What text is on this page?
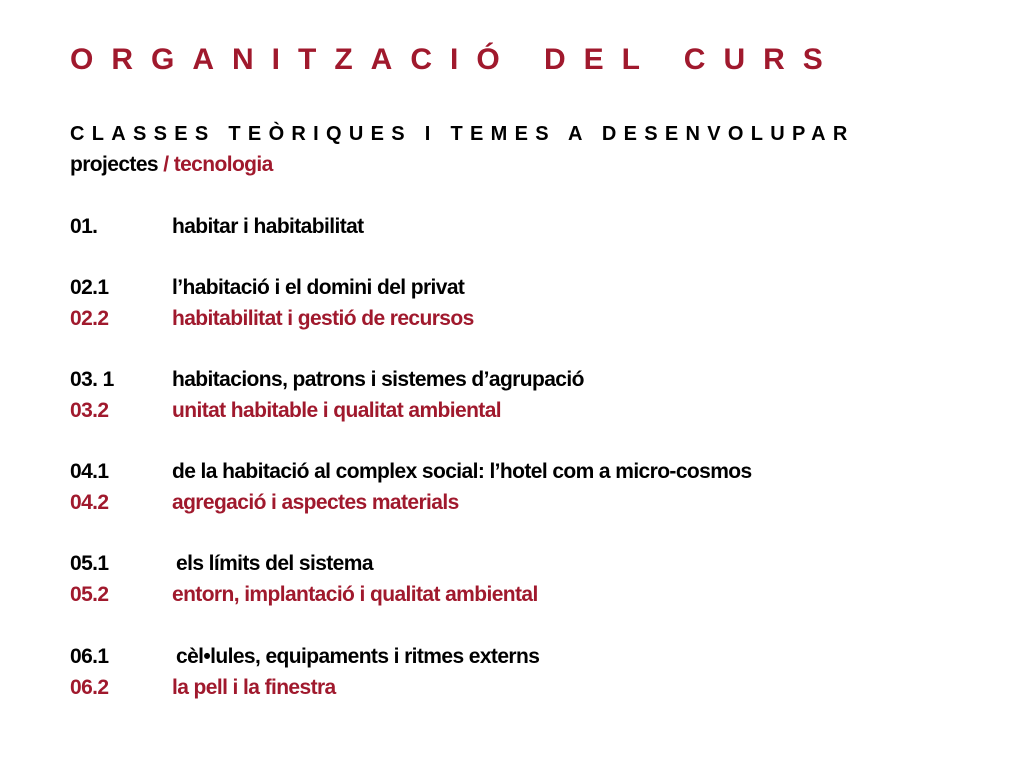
ORGANITZACIÓ DEL CURS
CLASSES TEÒRIQUES I TEMES A DESENVOLUPAR

projectes / tecnologia

01.	habitar i habitabilitat
02.1	l’habitació i el domini del privat
02.2	habitabilitat i gestió de recursos
03. 1	habitacions, patrons i sistemes d’agrupació
03.2	unitat habitable i qualitat ambiental
04.1	de la habitació al complex social: l’hotel com a micro-cosmos
04.2	agregació i aspectes materials
05.1	els límits del sistema
05.2	entorn, implantació i qualitat ambiental
06.1	cèl•lules, equipaments i ritmes externs
06.2	la pell i la finestra
